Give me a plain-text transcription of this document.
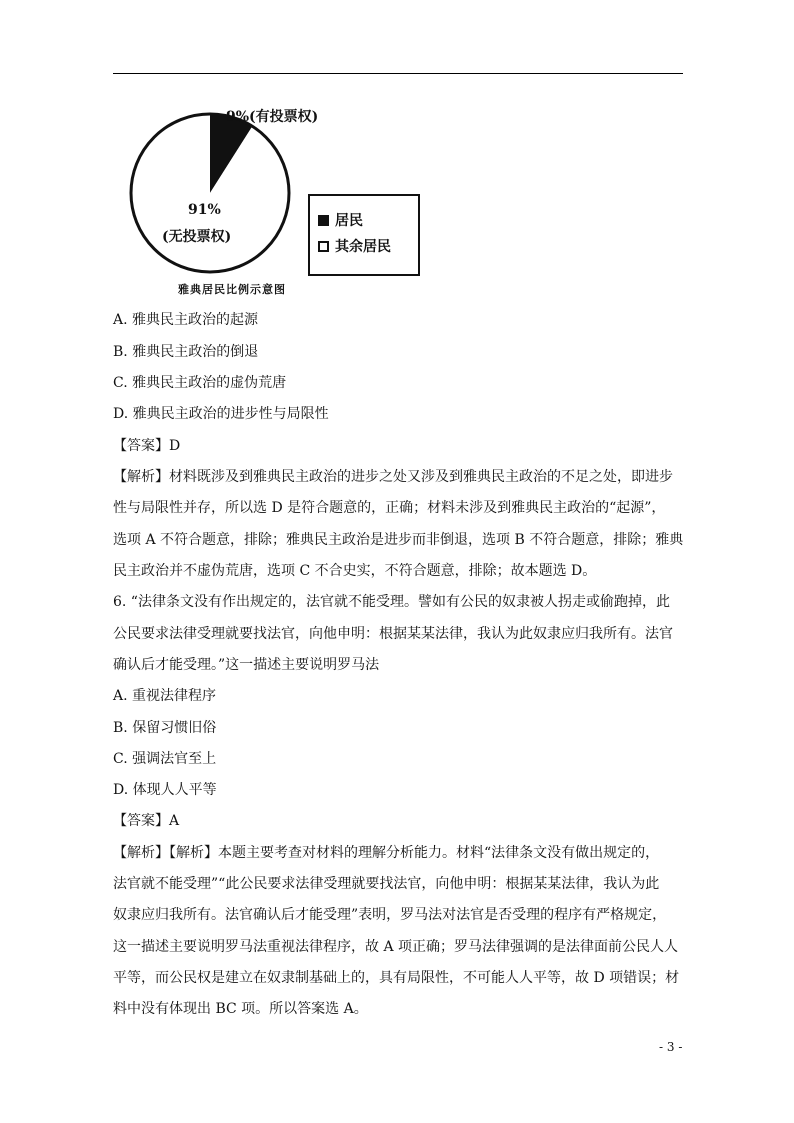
9%(有投票权)
91%
(无投票权)
居民
其余居民
雅典居民比例示意图
A. 雅典民主政治的起源
B. 雅典民主政治的倒退
C. 雅典民主政治的虚伪荒唐
D. 雅典民主政治的进步性与局限性
【答案】D
【解析】材料既涉及到雅典民主政治的进步之处又涉及到雅典民主政治的不足之处，即进步
性与局限性并存，所以选 D 是符合题意的，正确；材料未涉及到雅典民主政治的“起源”，
选项 A 不符合题意，排除；雅典民主政治是进步而非倒退，选项 B 不符合题意，排除；雅典
民主政治并不虚伪荒唐，选项 C 不合史实，不符合题意，排除；故本题选 D。
6. “法律条文没有作出规定的，法官就不能受理。譬如有公民的奴隶被人拐走或偷跑掉，此
公民要求法律受理就要找法官，向他申明：根据某某法律，我认为此奴隶应归我所有。法官
确认后才能受理。”这一描述主要说明罗马法
A. 重视法律程序
B. 保留习惯旧俗
C. 强调法官至上
D. 体现人人平等
【答案】A
【解析】【解析】本题主要考查对材料的理解分析能力。材料“法律条文没有做出规定的，
法官就不能受理”“此公民要求法律受理就要找法官，向他申明：根据某某法律，我认为此
奴隶应归我所有。法官确认后才能受理”表明，罗马法对法官是否受理的程序有严格规定，
这一描述主要说明罗马法重视法律程序，故 A 项正确；罗马法律强调的是法律面前公民人人
平等，而公民权是建立在奴隶制基础上的，具有局限性，不可能人人平等，故 D 项错误；材
料中没有体现出 BC 项。所以答案选 A。
- 3 -
